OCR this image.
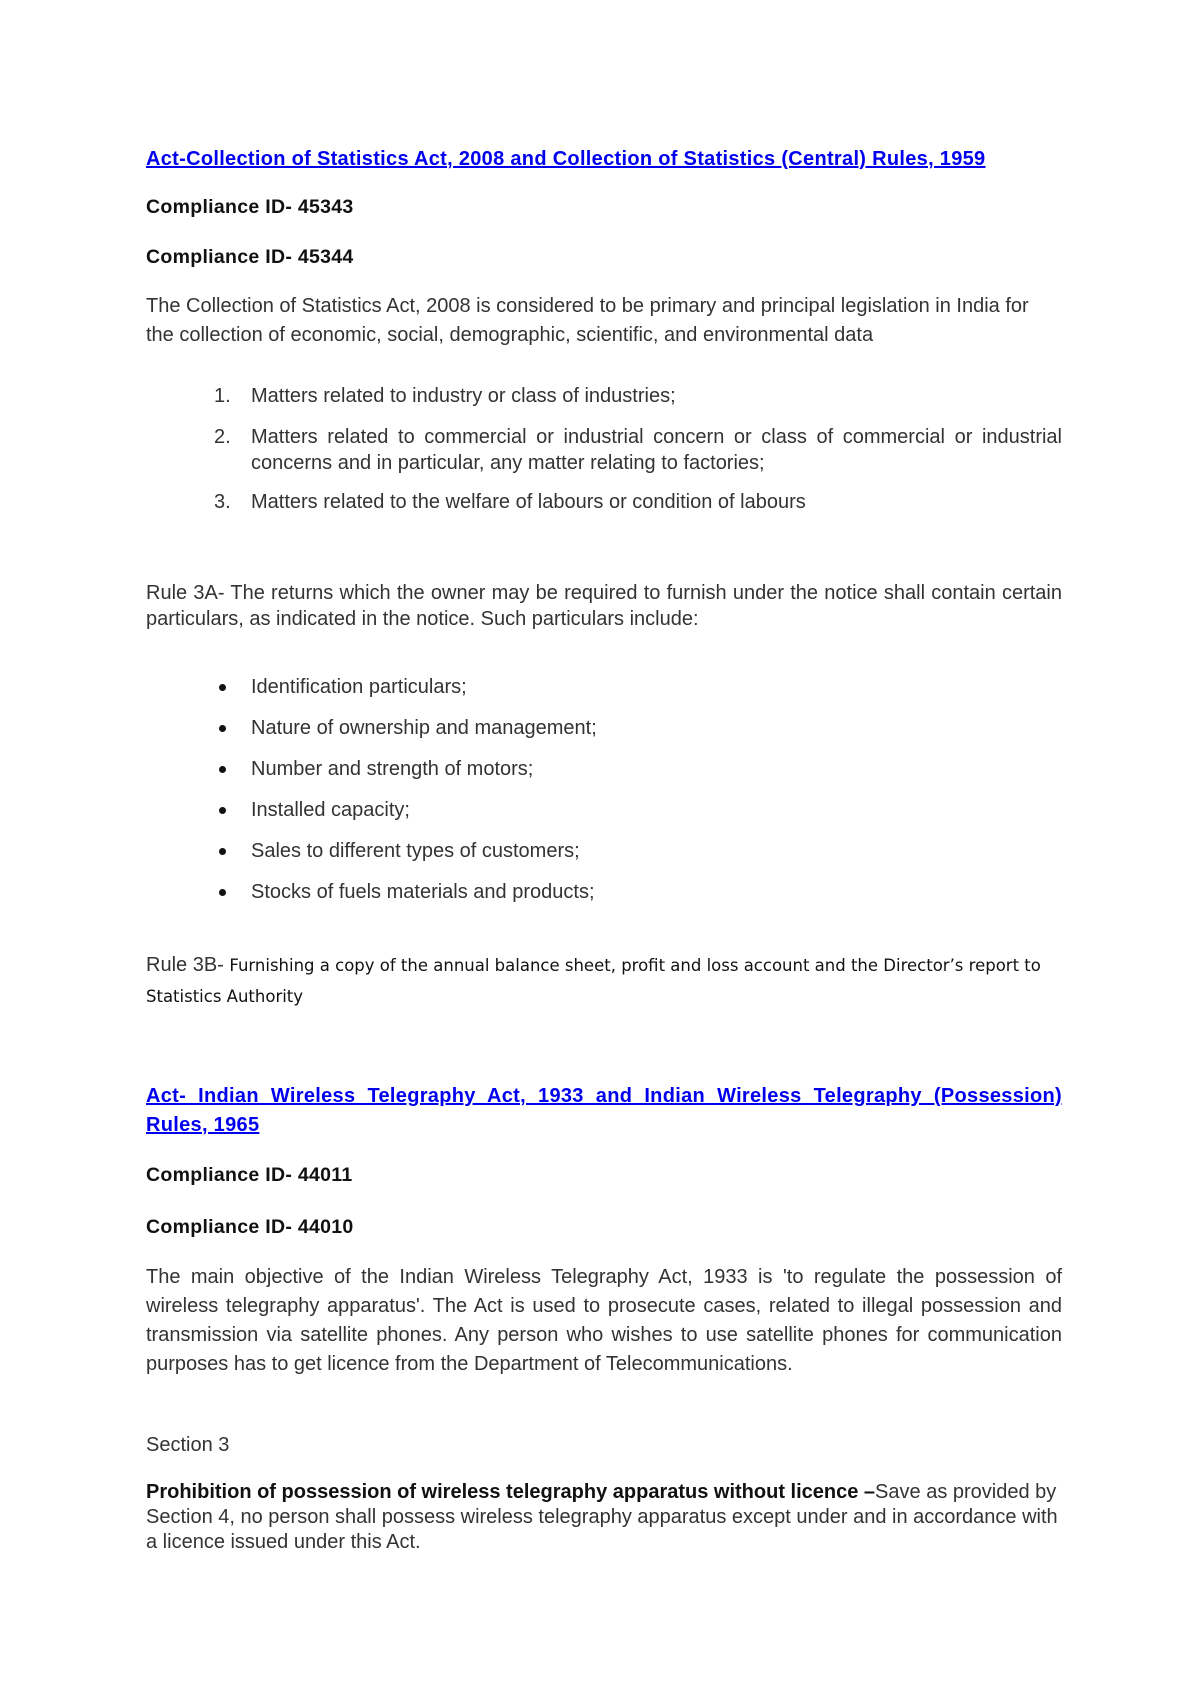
Act-Collection of Statistics Act, 2008 and Collection of Statistics (Central) Rules, 1959
Compliance ID- 45343
Compliance ID- 45344
The Collection of Statistics Act, 2008 is considered to be primary and principal legislation in India for the collection of economic, social, demographic, scientific, and environmental data
1. Matters related to industry or class of industries;
2. Matters related to commercial or industrial concern or class of commercial or industrial concerns and in particular, any matter relating to factories;
3. Matters related to the welfare of labours or condition of labours
Rule 3A- The returns which the owner may be required to furnish under the notice shall contain certain particulars, as indicated in the notice. Such particulars include:
Identification particulars;
Nature of ownership and management;
Number and strength of motors;
Installed capacity;
Sales to different types of customers;
Stocks of fuels materials and products;
Rule 3B- Furnishing a copy of the annual balance sheet, profit and loss account and the Director’s report to Statistics Authority
Act- Indian Wireless Telegraphy Act, 1933 and Indian Wireless Telegraphy (Possession) Rules, 1965
Compliance ID- 44011
Compliance ID- 44010
The main objective of the Indian Wireless Telegraphy Act, 1933 is 'to regulate the possession of wireless telegraphy apparatus'. The Act is used to prosecute cases, related to illegal possession and transmission via satellite phones. Any person who wishes to use satellite phones for communication purposes has to get licence from the Department of Telecommunications.
Section 3
Prohibition of possession of wireless telegraphy apparatus without licence –Save as provided by Section 4, no person shall possess wireless telegraphy apparatus except under and in accordance with a licence issued under this Act.
